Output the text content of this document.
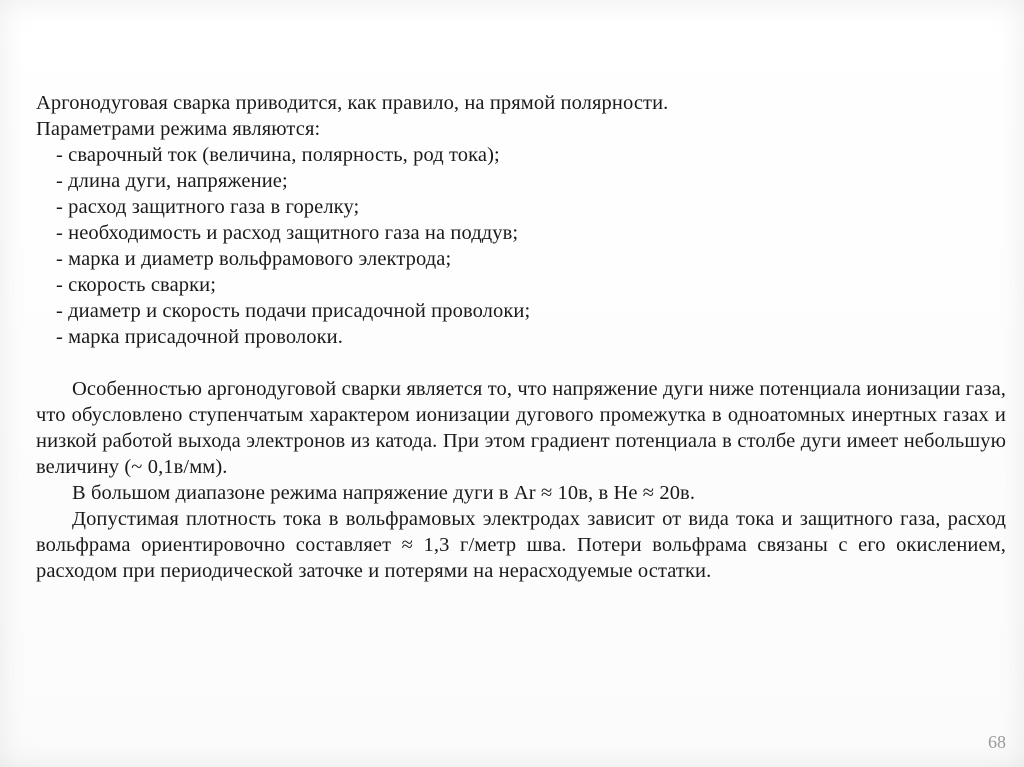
Аргонодуговая сварка приводится, как правило, на прямой полярности.
Параметрами режима являются:
- сварочный ток (величина, полярность, род тока);
- длина дуги, напряжение;
- расход защитного газа в горелку;
- необходимость и расход защитного газа на поддув;
- марка и диаметр вольфрамового электрода;
- скорость сварки;
- диаметр и скорость подачи присадочной проволоки;
- марка присадочной проволоки.

Особенностью аргонодуговой сварки является то, что напряжение дуги ниже потенциала ионизации газа, что обусловлено ступенчатым характером ионизации дугового промежутка в одноатомных инертных газах и низкой работой выхода электронов из катода. При этом градиент потенциала в столбе дуги имеет небольшую величину (~ 0,1в/мм).

В большом диапазоне режима напряжение дуги в Ar ≈ 10в, в He ≈ 20в.

Допустимая плотность тока в вольфрамовых электродах зависит от вида тока и защитного газа, расход вольфрама ориентировочно составляет ≈ 1,3 г/метр шва. Потери вольфрама связаны с его окислением, расходом при периодической заточке и потерями на нерасходуемые остатки.

68
